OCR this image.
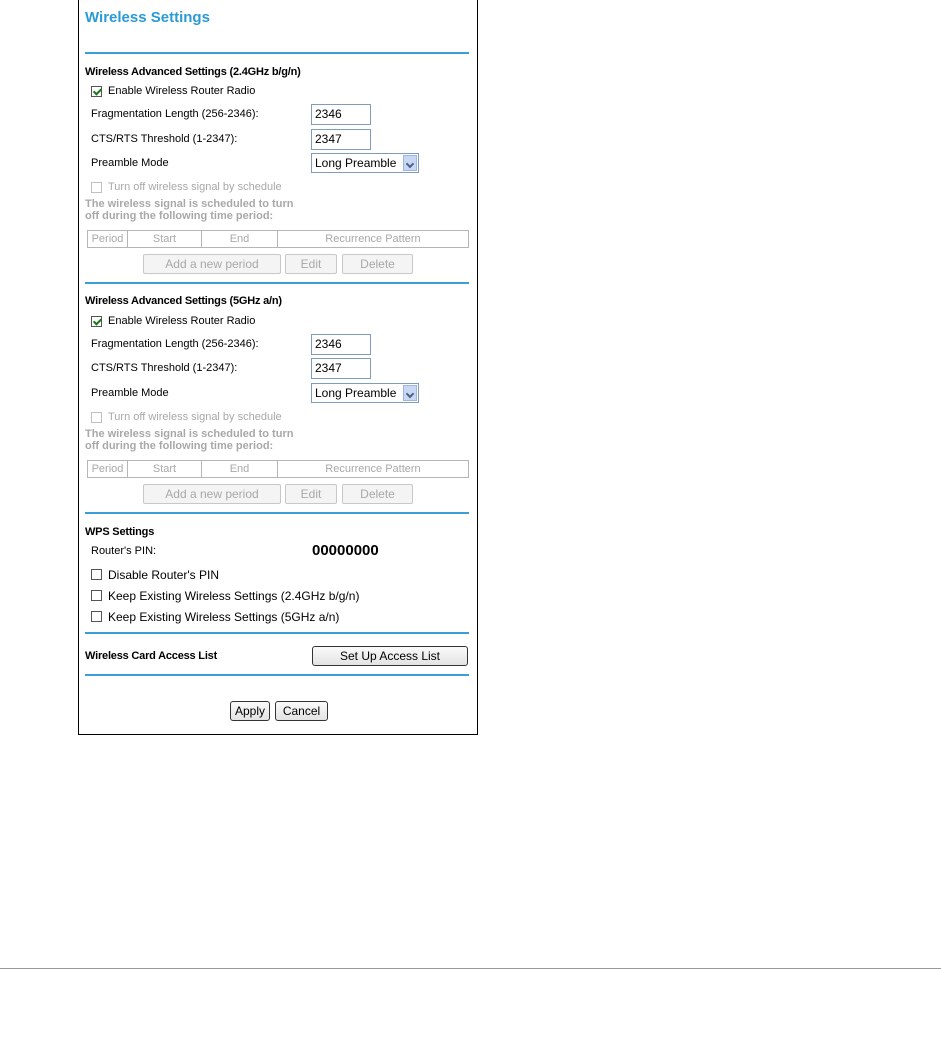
Wireless Settings
Wireless Advanced Settings (2.4GHz b/g/n)
Enable Wireless Router Radio
Fragmentation Length (256-2346):	2346
CTS/RTS Threshold (1-2347):	2347
Preamble Mode	Long Preamble
Turn off wireless signal by schedule
The wireless signal is scheduled to turn
off during the following time period:
Period	Start	End	Recurrence Pattern
Add a new period	Edit	Delete
Wireless Advanced Settings (5GHz a/n)
Enable Wireless Router Radio
Fragmentation Length (256-2346):	2346
CTS/RTS Threshold (1-2347):	2347
Preamble Mode	Long Preamble
Turn off wireless signal by schedule
The wireless signal is scheduled to turn
off during the following time period:
Period	Start	End	Recurrence Pattern
Add a new period	Edit	Delete
WPS Settings
Router's PIN:	00000000
Disable Router's PIN
Keep Existing Wireless Settings (2.4GHz b/g/n)
Keep Existing Wireless Settings (5GHz a/n)
Wireless Card Access List	Set Up Access List
Apply	Cancel
